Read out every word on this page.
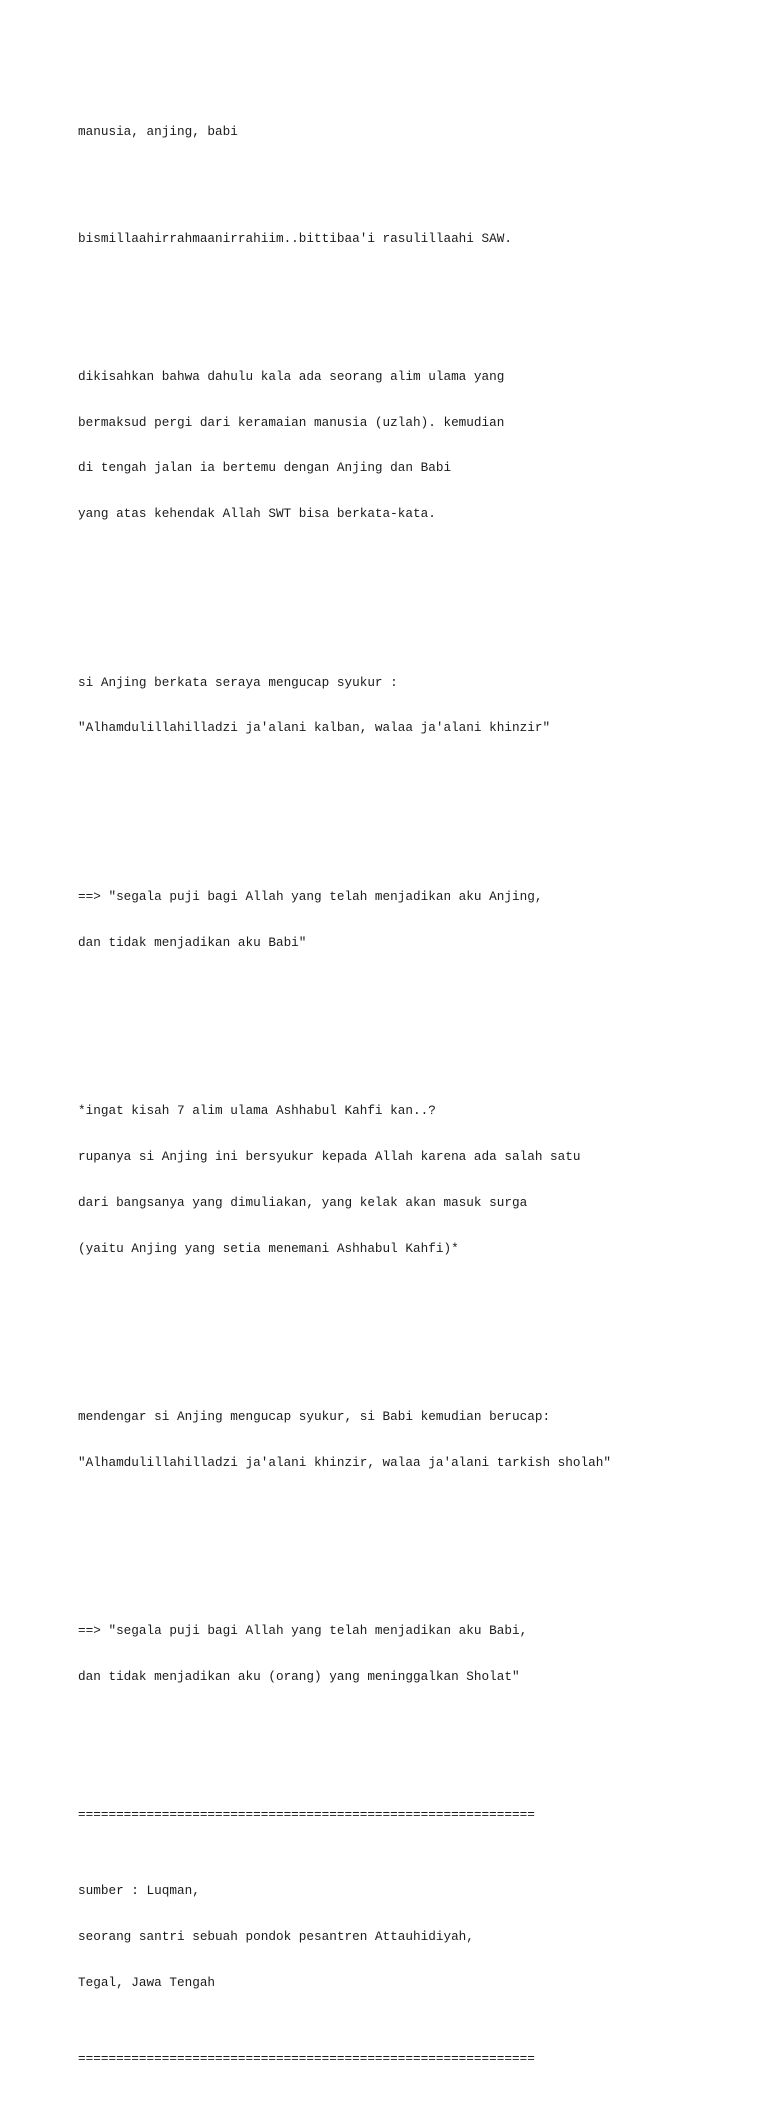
manusia, anjing, babi

bismillaahirrahmaanirrahiim..bittibaa'i rasulillaahi SAW.

dikisahkan bahwa dahulu kala ada seorang alim ulama yang

bermaksud pergi dari keramaian manusia (uzlah). kemudian

di tengah jalan ia bertemu dengan Anjing dan Babi

yang atas kehendak Allah SWT bisa berkata-kata.

si Anjing berkata seraya mengucap syukur :

"Alhamdulillahilladzi ja'alani kalban, walaa ja'alani khinzir"

==> "segala puji bagi Allah yang telah menjadikan aku Anjing,

dan tidak menjadikan aku Babi"

*ingat kisah 7 alim ulama Ashhabul Kahfi kan..?

rupanya si Anjing ini bersyukur kepada Allah karena ada salah satu

dari bangsanya yang dimuliakan, yang kelak akan masuk surga

(yaitu Anjing yang setia menemani Ashhabul Kahfi)*

mendengar si Anjing mengucap syukur, si Babi kemudian berucap:

"Alhamdulillahilladzi ja'alani khinzir, walaa ja'alani tarkish sholah"

==> "segala puji bagi Allah yang telah menjadikan aku Babi,

dan tidak menjadikan aku (orang) yang meninggalkan Sholat"

============================================================

sumber : Luqman,

seorang santri sebuah pondok pesantren Attauhidiyah,

Tegal, Jawa Tengah

============================================================
